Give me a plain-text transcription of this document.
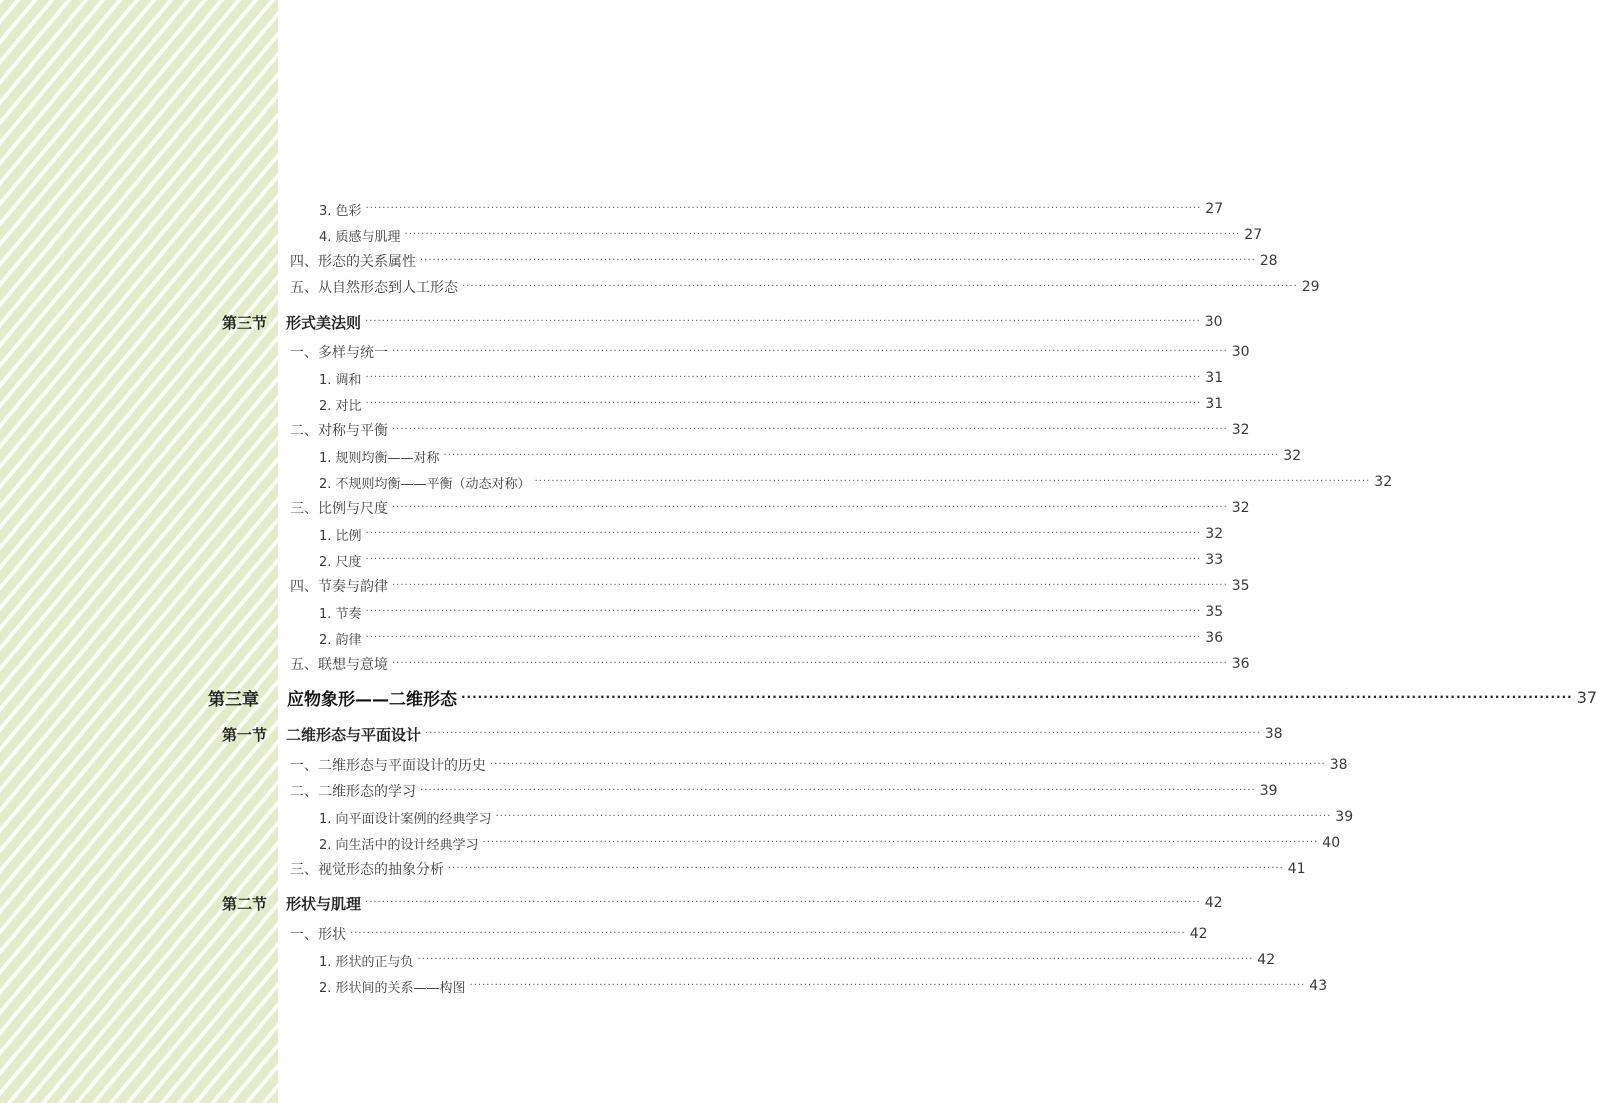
3. 色彩 ········································································································································································································ 27
4. 质感与肌理 ········································································································································································································ 27
四、形态的关系属性 ········································································································································································································ 28
五、从自然形态到人工形态 ········································································································································································································ 29
第三节 形式美法则 ········································································································································································································ 30
一、多样与统一 ········································································································································································································ 30
1. 调和 ········································································································································································································ 31
2. 对比 ········································································································································································································ 31
二、对称与平衡 ········································································································································································································ 32
1. 规则均衡——对称 ········································································································································································································ 32
2. 不规则均衡——平衡（动态对称） ········································································································································································································ 32
三、比例与尺度 ········································································································································································································ 32
1. 比例 ········································································································································································································ 32
2. 尺度 ········································································································································································································ 33
四、节奏与韵律 ········································································································································································································ 35
1. 节奏 ········································································································································································································ 35
2. 韵律 ········································································································································································································ 36
五、联想与意境 ········································································································································································································ 36
第三章 应物象形——二维形态 ········································································································································································································ 37
第一节 二维形态与平面设计 ········································································································································································································ 38
一、二维形态与平面设计的历史 ········································································································································································································ 38
二、二维形态的学习 ········································································································································································································ 39
1. 向平面设计案例的经典学习 ········································································································································································································ 39
2. 向生活中的设计经典学习 ········································································································································································································ 40
三、视觉形态的抽象分析 ········································································································································································································ 41
第二节 形状与肌理 ········································································································································································································ 42
一、形状 ········································································································································································································ 42
1. 形状的正与负 ········································································································································································································ 42
2. 形状间的关系——构图 ········································································································································································································ 43
